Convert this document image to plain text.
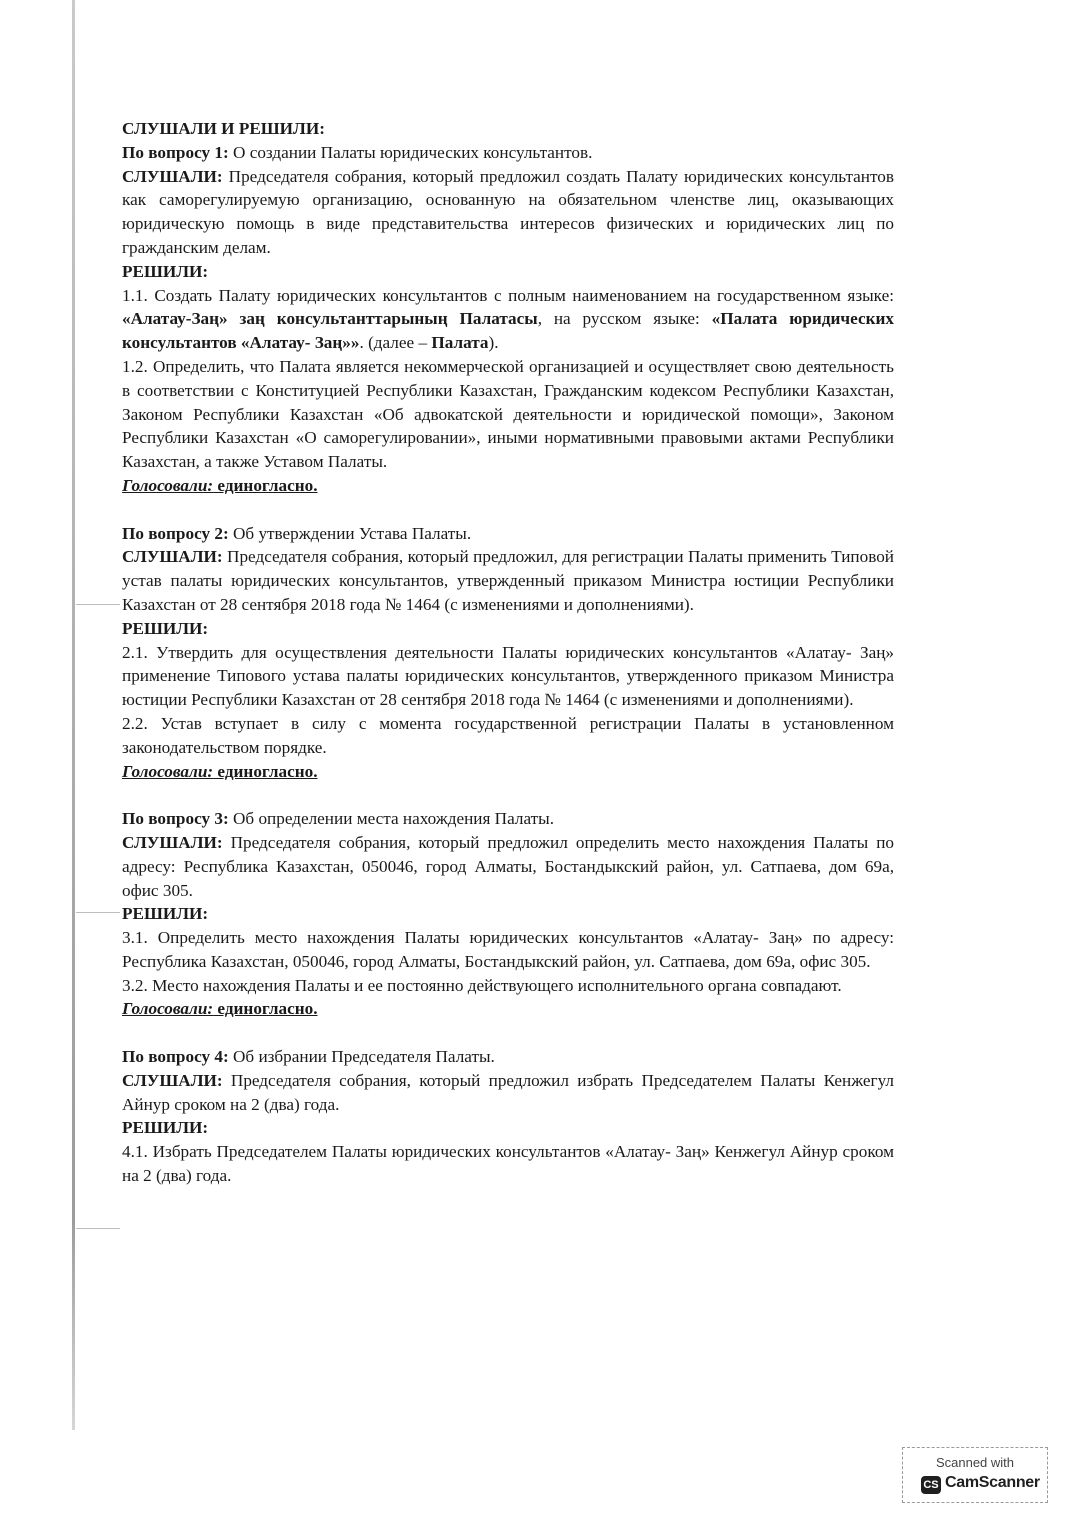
СЛУШАЛИ И РЕШИЛИ:

По вопросу 1: О создании Палаты юридических консультантов.

СЛУШАЛИ: Председателя собрания, который предложил создать Палату юридических консультантов как саморегулируемую организацию, основанную на обязательном членстве лиц, оказывающих юридическую помощь в виде представительства интересов физических и юридических лиц по гражданским делам.

РЕШИЛИ:

1.1. Создать Палату юридических консультантов с полным наименованием на государственном языке: «Алатау-Заң» заң консультанттарының Палатасы, на русском языке: «Палата юридических консультантов «Алатау- Заң»». (далее – Палата).

1.2. Определить, что Палата является некоммерческой организацией и осуществляет свою деятельность в соответствии с Конституцией Республики Казахстан, Гражданским кодексом Республики Казахстан, Законом Республики Казахстан «Об адвокатской деятельности и юридической помощи», Законом Республики Казахстан «О саморегулировании», иными нормативными правовыми актами Республики Казахстан, а также Уставом Палаты.

Голосовали: единогласно.

По вопросу 2: Об утверждении Устава Палаты.

СЛУШАЛИ: Председателя собрания, который предложил, для регистрации Палаты применить Типовой устав палаты юридических консультантов, утвержденный приказом Министра юстиции Республики Казахстан от 28 сентября 2018 года № 1464 (с изменениями и дополнениями).

РЕШИЛИ:

2.1. Утвердить для осуществления деятельности Палаты юридических консультантов «Алатау- Заң» применение Типового устава палаты юридических консультантов, утвержденного приказом Министра юстиции Республики Казахстан от 28 сентября 2018 года № 1464 (с изменениями и дополнениями).

2.2. Устав вступает в силу с момента государственной регистрации Палаты в установленном законодательством порядке.

Голосовали: единогласно.

По вопросу 3: Об определении места нахождения Палаты.

СЛУШАЛИ: Председателя собрания, который предложил определить место нахождения Палаты по адресу: Республика Казахстан, 050046, город Алматы, Бостандыкский район, ул. Сатпаева, дом 69а, офис 305.

РЕШИЛИ:

3.1. Определить место нахождения Палаты юридических консультантов «Алатау- Заң» по адресу: Республика Казахстан, 050046, город Алматы, Бостандыкский район, ул. Сатпаева, дом 69а, офис 305.

3.2. Место нахождения Палаты и ее постоянно действующего исполнительного органа совпадают.

Голосовали: единогласно.

По вопросу 4: Об избрании Председателя Палаты.

СЛУШАЛИ: Председателя собрания, который предложил избрать Председателем Палаты Кенжегул Айнур сроком на 2 (два) года.

РЕШИЛИ:

4.1. Избрать Председателем Палаты юридических консультантов «Алатау- Заң» Кенжегул Айнур сроком на 2 (два) года.

Scanned with
CS CamScanner
